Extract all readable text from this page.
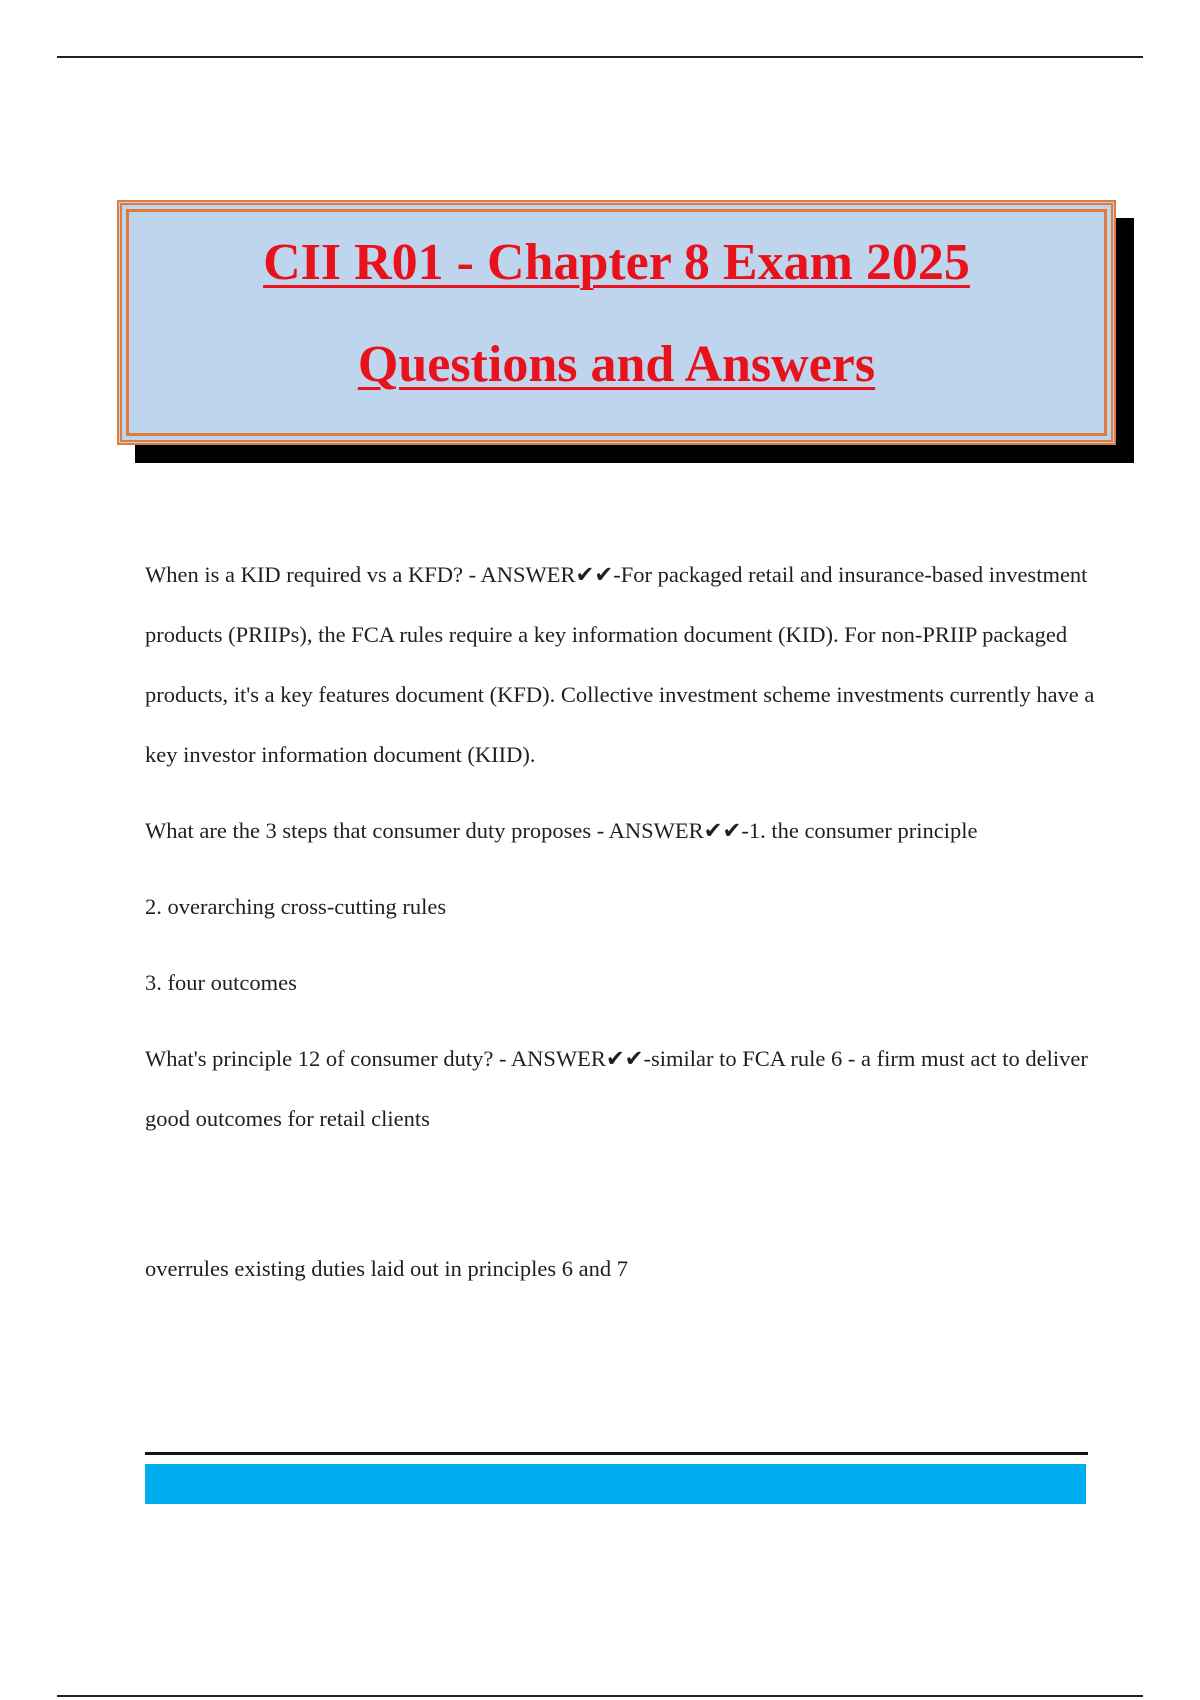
CII R01 - Chapter 8 Exam 2025
Questions and Answers

When is a KID required vs a KFD? - ANSWER✔✔-For packaged retail and insurance-based investment products (PRIIPs), the FCA rules require a key information document (KID). For non-PRIIP packaged products, it's a key features document (KFD). Collective investment scheme investments currently have a key investor information document (KIID).

What are the 3 steps that consumer duty proposes - ANSWER✔✔-1. the consumer principle

2. overarching cross-cutting rules

3. four outcomes

What's principle 12 of consumer duty? - ANSWER✔✔-similar to FCA rule 6 - a firm must act to deliver good outcomes for retail clients

overrules existing duties laid out in principles 6 and 7
